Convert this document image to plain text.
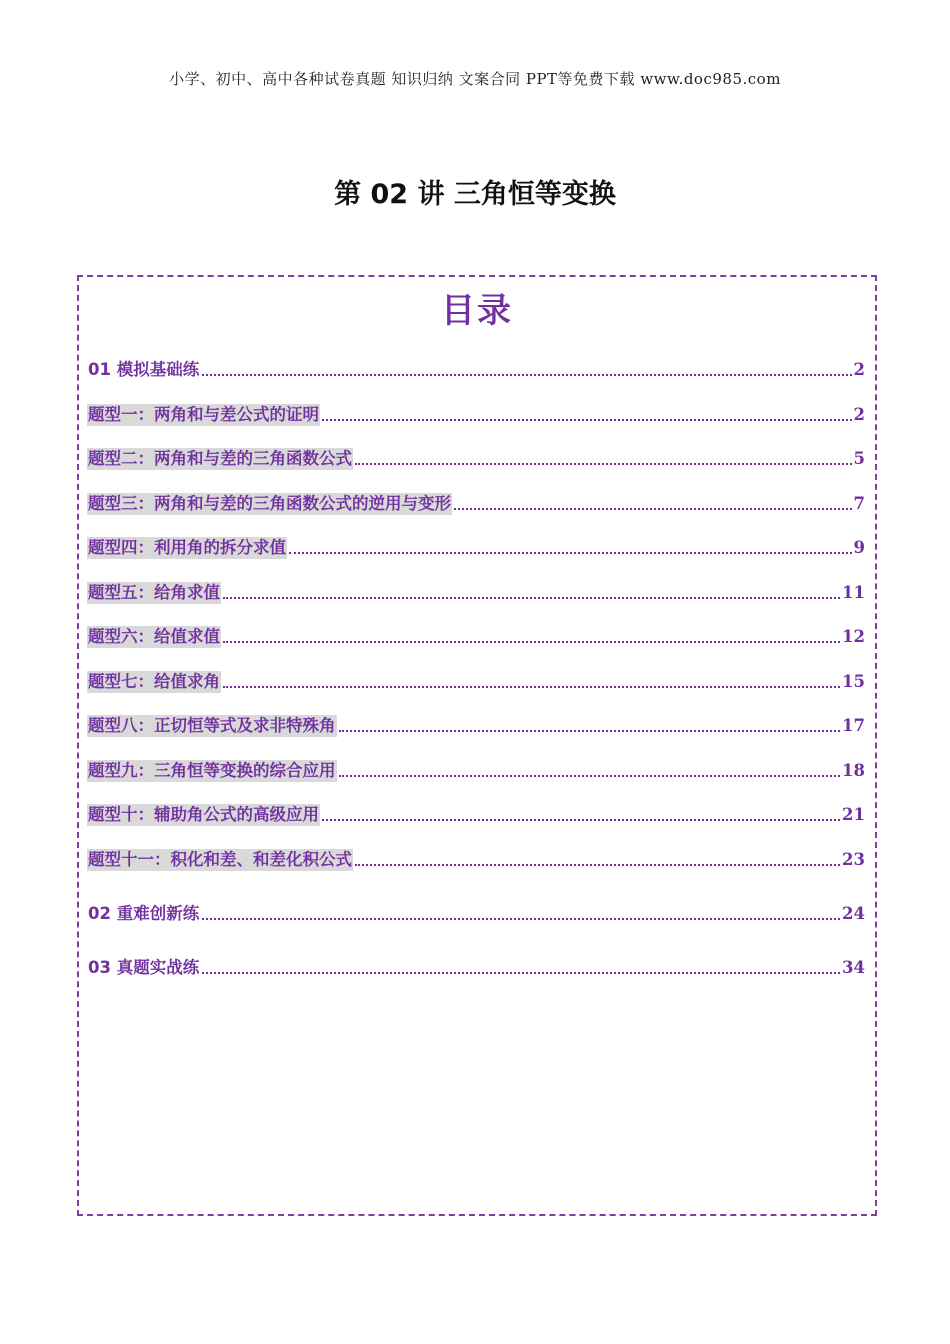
小学、初中、高中各种试卷真题 知识归纳 文案合同 PPT等免费下载 www.doc985.com
第 02 讲 三角恒等变换
目录
01 模拟基础练	2
题型一：两角和与差公式的证明	2
题型二：两角和与差的三角函数公式	5
题型三：两角和与差的三角函数公式的逆用与变形	7
题型四：利用角的拆分求值	9
题型五：给角求值	11
题型六：给值求值	12
题型七：给值求角	15
题型八：正切恒等式及求非特殊角	17
题型九：三角恒等变换的综合应用	18
题型十：辅助角公式的高级应用	21
题型十一：积化和差、和差化积公式	23
02 重难创新练	24
03 真题实战练	34
